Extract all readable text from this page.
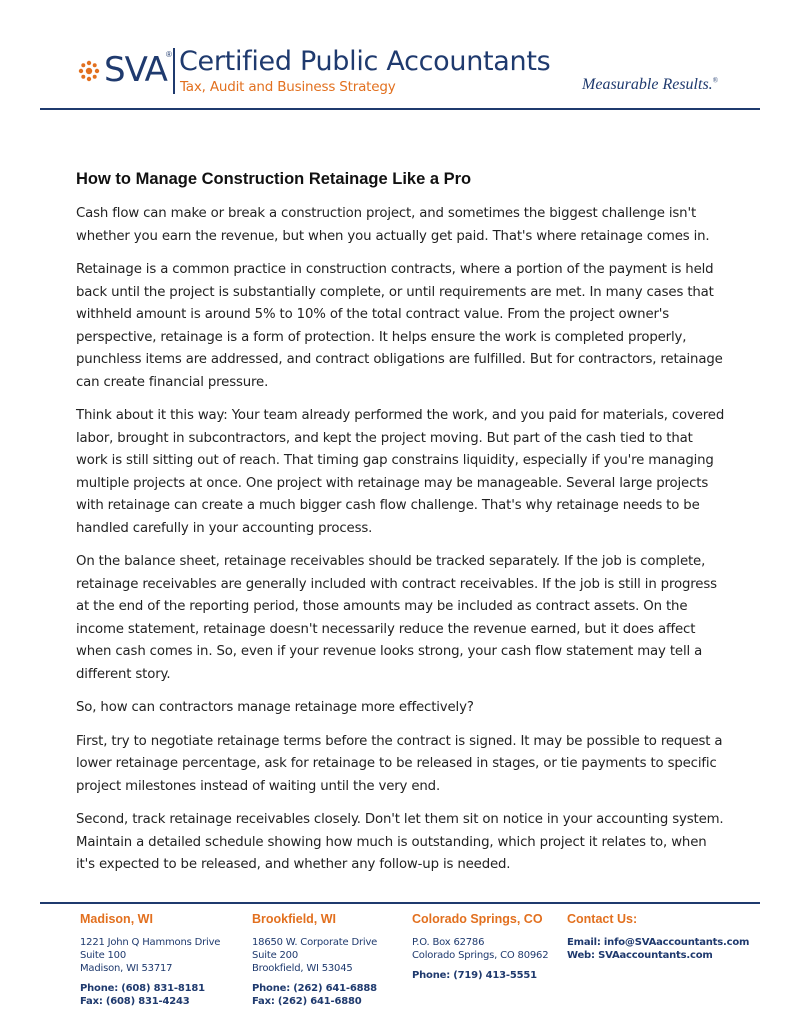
SVA ® Certified Public Accountants
Tax, Audit and Business Strategy	Measurable Results.®
How to Manage Construction Retainage Like a Pro

Cash flow can make or break a construction project, and sometimes the biggest challenge isn't whether you earn the revenue, but when you actually get paid. That's where retainage comes in.

Retainage is a common practice in construction contracts, where a portion of the payment is held back until the project is substantially complete, or until requirements are met. In many cases that withheld amount is around 5% to 10% of the total contract value. From the project owner's perspective, retainage is a form of protection. It helps ensure the work is completed properly, punchless items are addressed, and contract obligations are fulfilled. But for contractors, retainage can create financial pressure.

Think about it this way: Your team already performed the work, and you paid for materials, covered labor, brought in subcontractors, and kept the project moving. But part of the cash tied to that work is still sitting out of reach. That timing gap constrains liquidity, especially if you're managing multiple projects at once. One project with retainage may be manageable. Several large projects with retainage can create a much bigger cash flow challenge. That's why retainage needs to be handled carefully in your accounting process.

On the balance sheet, retainage receivables should be tracked separately. If the job is complete, retainage receivables are generally included with contract receivables. If the job is still in progress at the end of the reporting period, those amounts may be included as contract assets. On the income statement, retainage doesn't necessarily reduce the revenue earned, but it does affect when cash comes in. So, even if your revenue looks strong, your cash flow statement may tell a different story.

So, how can contractors manage retainage more effectively?

First, try to negotiate retainage terms before the contract is signed. It may be possible to request a lower retainage percentage, ask for retainage to be released in stages, or tie payments to specific project milestones instead of waiting until the very end.

Second, track retainage receivables closely. Don't let them sit on notice in your accounting system. Maintain a detailed schedule showing how much is outstanding, which project it relates to, when it's expected to be released, and whether any follow-up is needed.

Madison, WI
1221 John Q Hammons Drive
Suite 100
Madison, WI 53717
Phone: (608) 831-8181
Fax: (608) 831-4243
Brookfield, WI
18650 W. Corporate Drive
Suite 200
Brookfield, WI 53045
Phone: (262) 641-6888
Fax: (262) 641-6880
Colorado Springs, CO
P.O. Box 62786
Colorado Springs, CO 80962
Phone: (719) 413-5551
Contact Us:
Email: info@SVAaccountants.com
Web: SVAaccountants.com
